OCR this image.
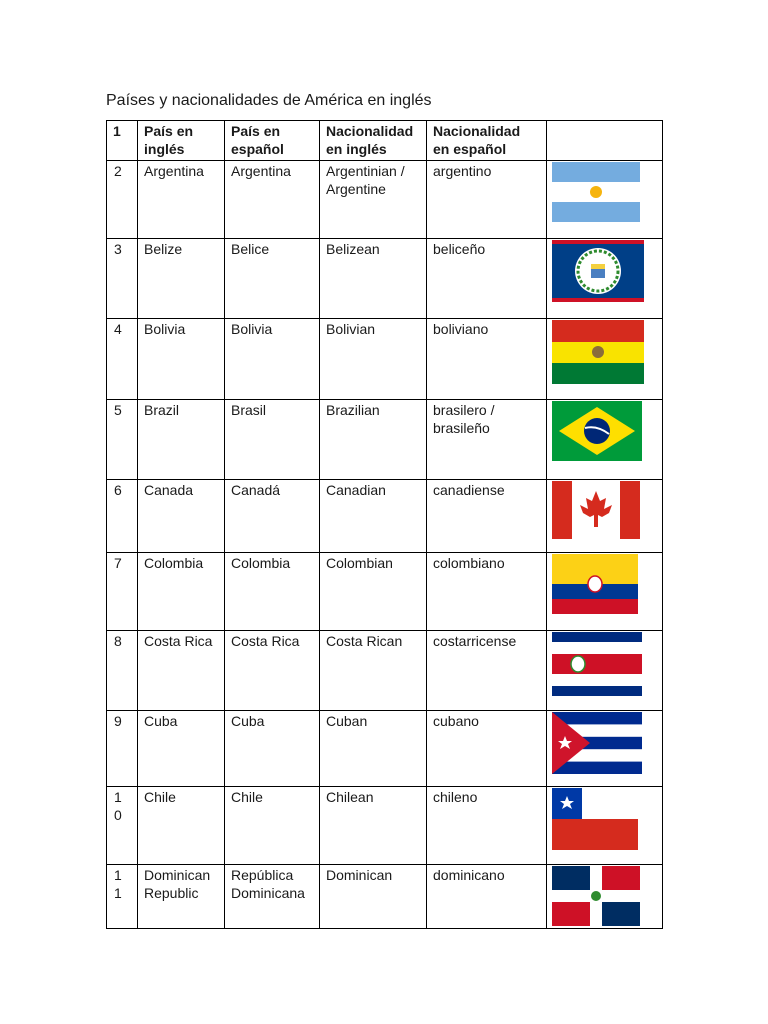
Países y nacionalidades de América en inglés
1	País en inglés	País en español	Nacionalidad en inglés	Nacionalidad en español	
2	Argentina	Argentina	Argentinian / Argentine	argentino	

3	Belize	Belice	Belizean	beliceño	

4	Bolivia	Bolivia	Bolivian	boliviano	

5	Brazil	Brasil	Brazilian	brasilero / brasileño	

6	Canada	Canadá	Canadian	canadiense	

7	Colombia	Colombia	Colombian	colombiano	

8	Costa Rica	Costa Rica	Costa Rican	costarricense	

9	Cuba	Cuba	Cuban	cubano	

10	Chile	Chile	Chilean	chileno	

11	Dominican Republic	República Dominicana	Dominican	dominicano	
